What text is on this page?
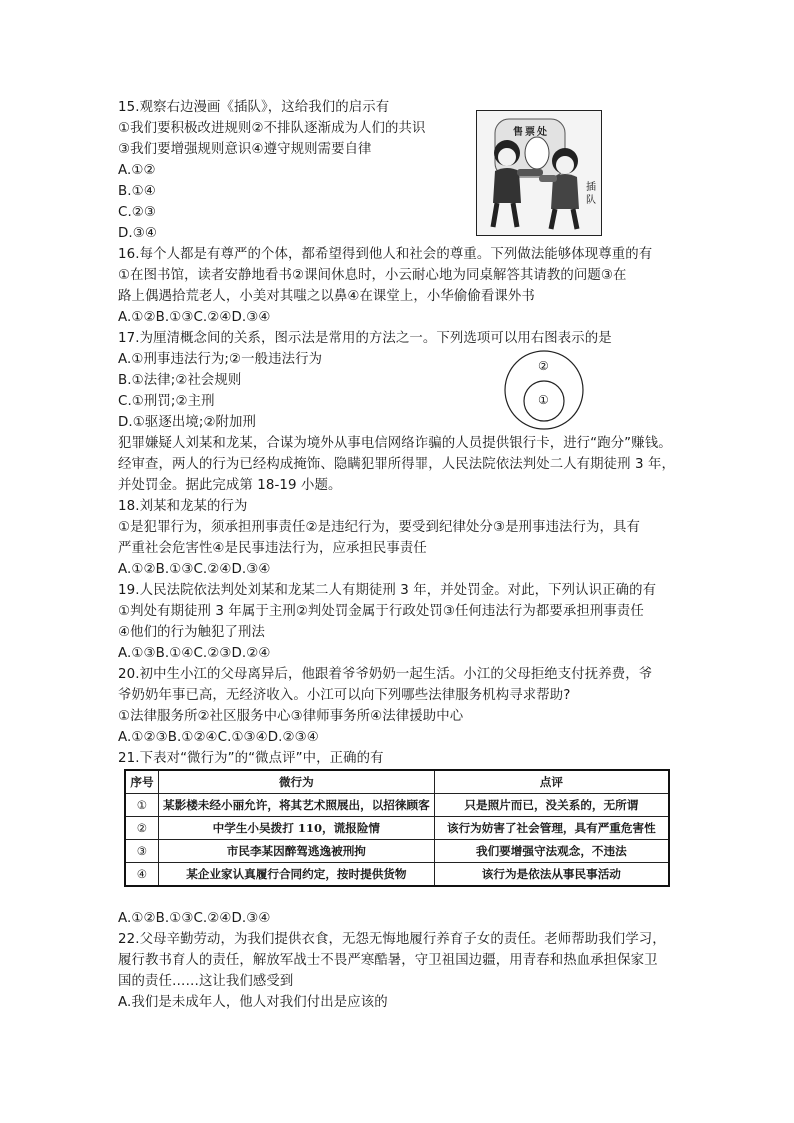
15.观察右边漫画《插队》，这给我们的启示有
①我们要积极改进规则②不排队逐渐成为人们的共识
③我们要增强规则意识④遵守规则需要自律
A.①②
B.①④
C.②③
D.③④
售票处
插队
16.每个人都是有尊严的个体，都希望得到他人和社会的尊重。下列做法能够体现尊重的有
①在图书馆，读者安静地看书②课间休息时，小云耐心地为同桌解答其请教的问题③在
路上偶遇拾荒老人，小美对其嗤之以鼻④在课堂上，小华偷偷看课外书
A.①②B.①③C.②④D.③④
17.为厘清概念间的关系，图示法是常用的方法之一。下列选项可以用右图表示的是
A.①刑事违法行为;②一般违法行为
B.①法律;②社会规则
C.①刑罚;②主刑
D.①驱逐出境;②附加刑
②
①
犯罪嫌疑人刘某和龙某，合谋为境外从事电信网络诈骗的人员提供银行卡，进行“跑分”赚钱。
经审查，两人的行为已经构成掩饰、隐瞒犯罪所得罪，人民法院依法判处二人有期徒刑 3 年，
并处罚金。据此完成第 18-19 小题。
18.刘某和龙某的行为
①是犯罪行为，须承担刑事责任②是违纪行为，要受到纪律处分③是刑事违法行为，具有
严重社会危害性④是民事违法行为，应承担民事责任
A.①②B.①③C.②④D.③④
19.人民法院依法判处刘某和龙某二人有期徒刑 3 年，并处罚金。对此，下列认识正确的有
①判处有期徒刑 3 年属于主刑②判处罚金属于行政处罚③任何违法行为都要承担刑事责任
④他们的行为触犯了刑法
A.①③B.①④C.②③D.②④
20.初中生小江的父母离异后，他跟着爷爷奶奶一起生活。小江的父母拒绝支付抚养费，爷
爷奶奶年事已高，无经济收入。小江可以向下列哪些法律服务机构寻求帮助?
①法律服务所②社区服务中心③律师事务所④法律援助中心
A.①②③B.①②④C.①③④D.②③④
21.下表对“微行为”的“微点评”中，正确的有
序号	微行为	点评
①	某影楼未经小丽允许，将其艺术照展出，以招徕顾客	只是照片而已，没关系的，无所谓
②	中学生小吴拨打 110，谎报险情	该行为妨害了社会管理，具有严重危害性
③	市民李某因醉驾逃逸被刑拘	我们要增强守法观念，不违法
④	某企业家认真履行合同约定，按时提供货物	该行为是依法从事民事活动
A.①②B.①③C.②④D.③④
22.父母辛勤劳动，为我们提供衣食，无怨无悔地履行养育子女的责任。老师帮助我们学习，
履行教书育人的责任，解放军战士不畏严寒酷暑，守卫祖国边疆，用青春和热血承担保家卫
国的责任……这让我们感受到
A.我们是未成年人，他人对我们付出是应该的
